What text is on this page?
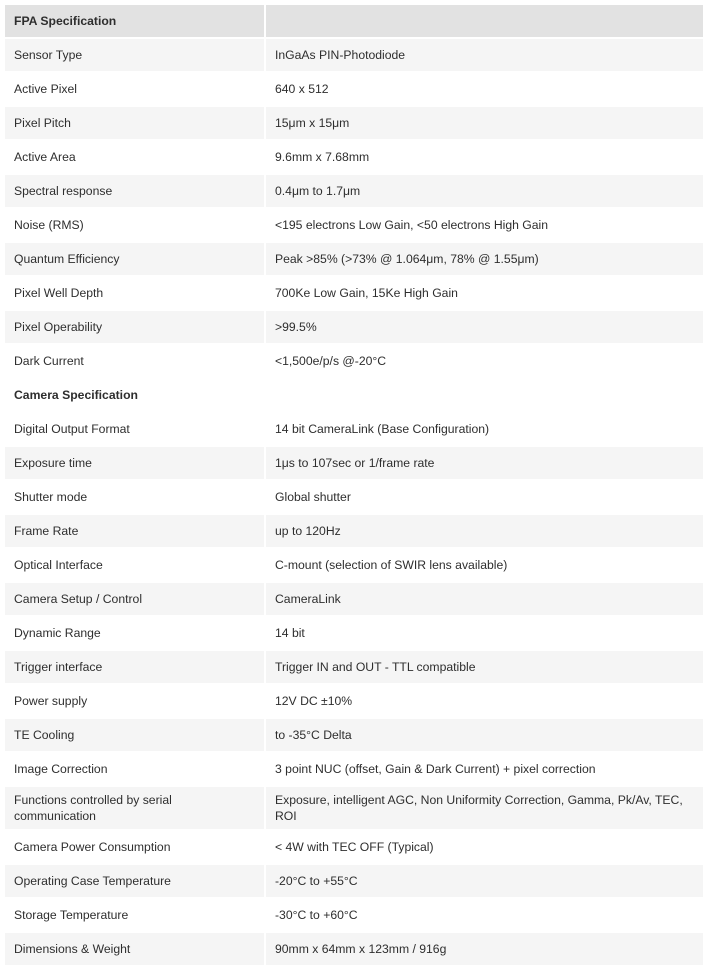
FPA Specification	
Sensor Type	InGaAs PIN-Photodiode
Active Pixel	640 x 512
Pixel Pitch	15μm x 15μm
Active Area	9.6mm x 7.68mm
Spectral response	0.4μm to 1.7μm
Noise (RMS)	<195 electrons Low Gain, <50 electrons High Gain
Quantum Efficiency	Peak >85% (>73% @ 1.064μm, 78% @ 1.55μm)
Pixel Well Depth	700Ke Low Gain, 15Ke High Gain
Pixel Operability	>99.5%
Dark Current	<1,500e/p/s @-20°C
Camera Specification	
Digital Output Format	14 bit CameraLink (Base Configuration)
Exposure time	1μs to 107sec or 1/frame rate
Shutter mode	Global shutter
Frame Rate	up to 120Hz
Optical Interface	C-mount (selection of SWIR lens available)
Camera Setup / Control	CameraLink
Dynamic Range	14 bit
Trigger interface	Trigger IN and OUT - TTL compatible
Power supply	12V DC ±10%
TE Cooling	to -35°C Delta
Image Correction	3 point NUC (offset, Gain & Dark Current) + pixel correction
Functions controlled by serial communication	Exposure, intelligent AGC, Non Uniformity Correction, Gamma, Pk/Av, TEC, ROI
Camera Power Consumption	< 4W with TEC OFF (Typical)
Operating Case Temperature	-20°C to +55°C
Storage Temperature	-30°C to +60°C
Dimensions & Weight	90mm x 64mm x 123mm / 916g
